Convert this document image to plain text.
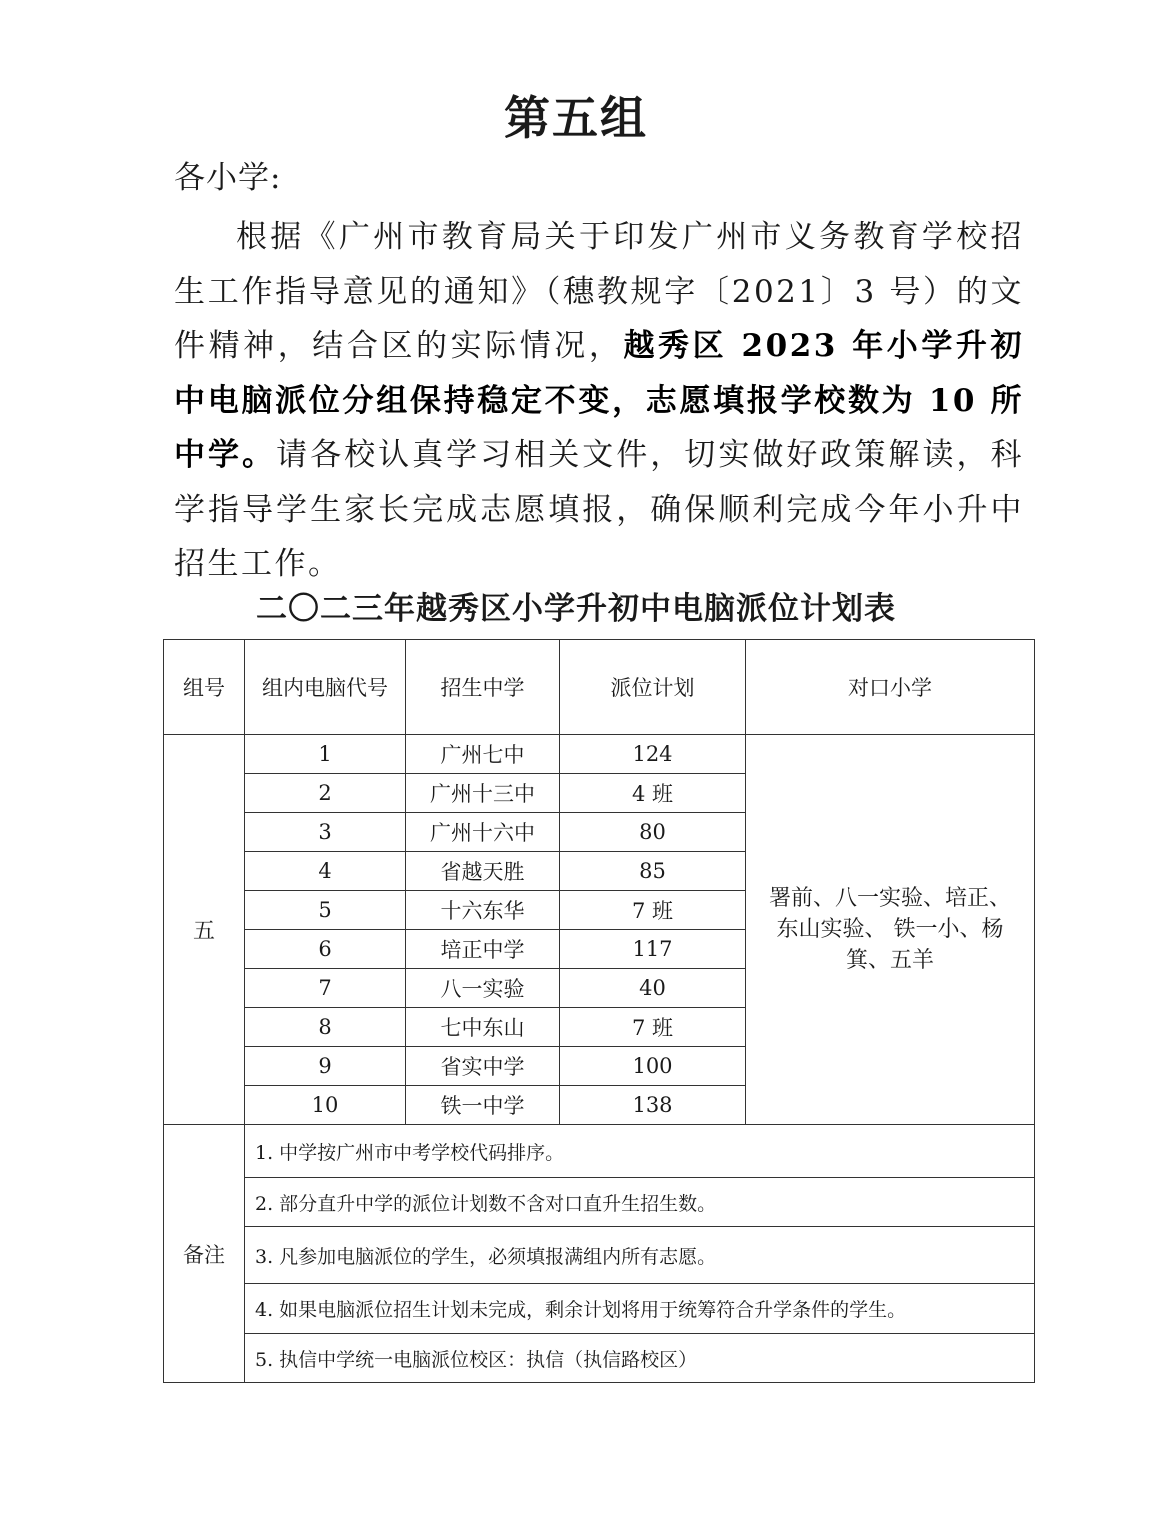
第五组
各小学:

根据《广州市教育局关于印发广州市义务教育学校招生工作指导意见的通知》（穗教规字〔2021〕3 号）的文件精神，结合区的实际情况，越秀区 2023 年小学升初中电脑派位分组保持稳定不变，志愿填报学校数为 10 所中学。请各校认真学习相关文件，切实做好政策解读，科学指导学生家长完成志愿填报，确保顺利完成今年小升中招生工作。

二〇二三年越秀区小学升初中电脑派位计划表
组号	组内电脑代号	招生中学	派位计划	对口小学
五	1	广州七中	124	署前、八一实验、培正、东山实验、 铁一小、杨箕、五羊
	2	广州十三中	4 班	
	3	广州十六中	80	
	4	省越天胜	85	
	5	十六东华	7 班	
	6	培正中学	117	
	7	八一实验	40	
	8	七中东山	7 班	
	9	省实中学	100	
	10	铁一中学	138	
备注	1. 中学按广州市中考学校代码排序。			
	2. 部分直升中学的派位计划数不含对口直升生招生数。			
	3. 凡参加电脑派位的学生，必须填报满组内所有志愿。			
	4. 如果电脑派位招生计划未完成，剩余计划将用于统筹符合升学条件的学生。			
	5. 执信中学统一电脑派位校区：执信（执信路校区）			
